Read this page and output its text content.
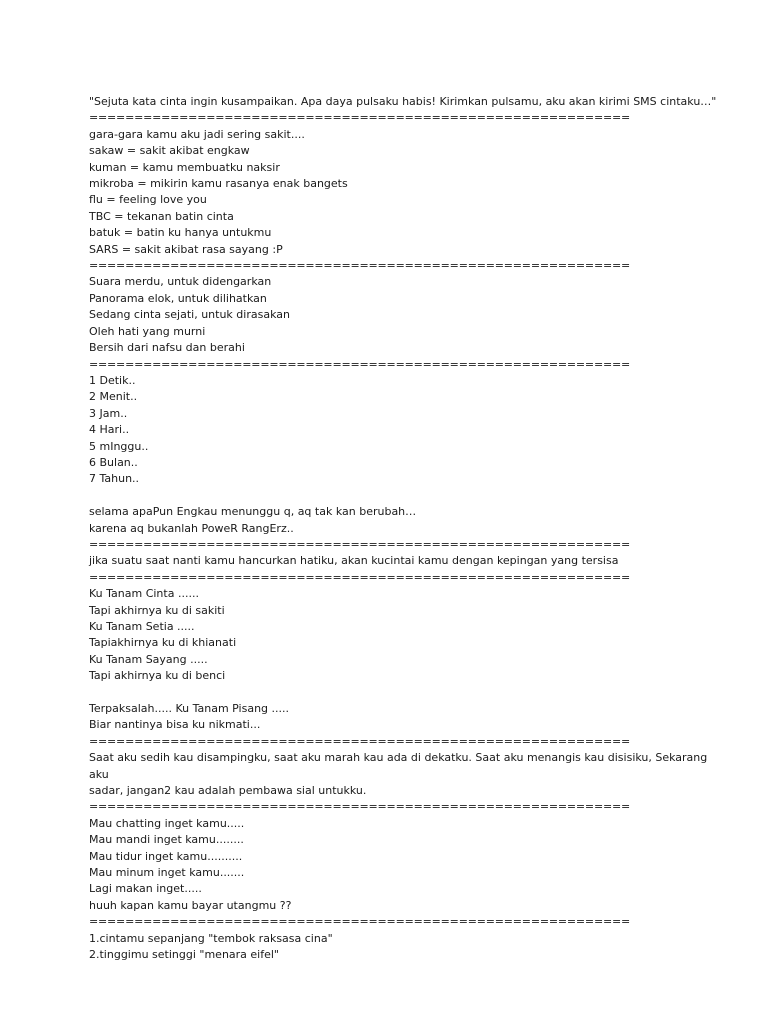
"Sejuta kata cinta ingin kusampaikan. Apa daya pulsaku habis! Kirimkan pulsamu, aku akan kirimi SMS cintaku…"
============================================================
gara-gara kamu aku jadi sering sakit....
sakaw = sakit akibat engkaw
kuman = kamu membuatku naksir
mikroba = mikirin kamu rasanya enak bangets
flu = feeling love you
TBC = tekanan batin cinta
batuk = batin ku hanya untukmu
SARS = sakit akibat rasa sayang :P
============================================================
Suara merdu, untuk didengarkan
Panorama elok, untuk dilihatkan
Sedang cinta sejati, untuk dirasakan
Oleh hati yang murni
Bersih dari nafsu dan berahi
============================================================
1 Detik..
2 Menit..
3 Jam..
4 Hari..
5 mInggu..
6 Bulan..
7 Tahun..
selama apaPun Engkau menunggu q, aq tak kan berubah…
karena aq bukanlah PoweR RangErz..
============================================================
jika suatu saat nanti kamu hancurkan hatiku, akan kucintai kamu dengan kepingan yang tersisa
============================================================
Ku Tanam Cinta ......
Tapi akhirnya ku di sakiti
Ku Tanam Setia .....
Tapiakhirnya ku di khianati
Ku Tanam Sayang .....
Tapi akhirnya ku di benci
Terpaksalah..... Ku Tanam Pisang .....
Biar nantinya bisa ku nikmati...
============================================================
Saat aku sedih kau disampingku, saat aku marah kau ada di dekatku. Saat aku menangis kau disisiku, Sekarang aku
sadar, jangan2 kau adalah pembawa sial untukku.
============================================================
Mau chatting inget kamu.....
Mau mandi inget kamu........
Mau tidur inget kamu..........
Mau minum inget kamu.......
Lagi makan inget.....
huuh kapan kamu bayar utangmu ??
============================================================
1.cintamu sepanjang "tembok raksasa cina"
2.tinggimu setinggi "menara eifel"
